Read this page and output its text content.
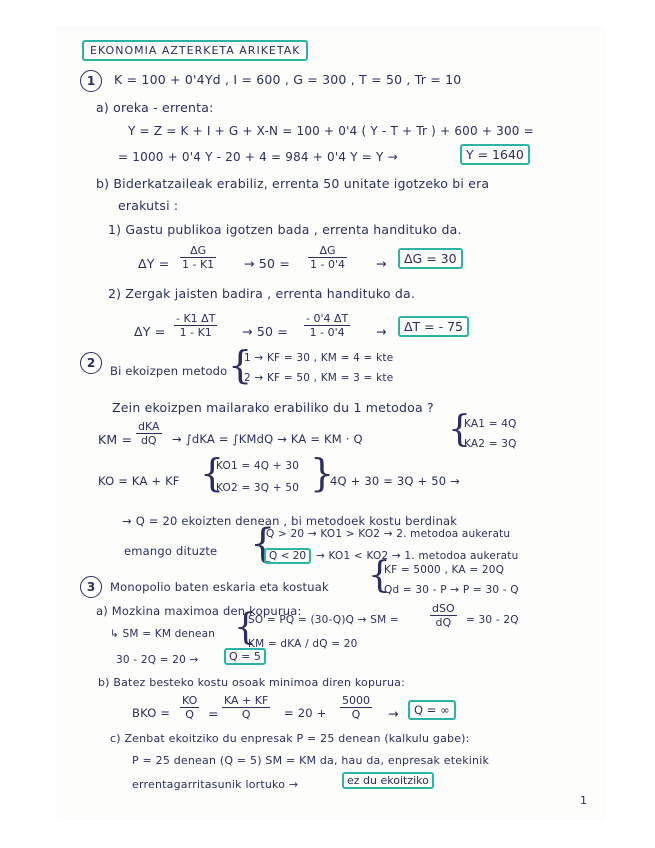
EKONOMIA AZTERKETA ARIKETAK
1	K = 100 + 0'4Yd , I = 600 , G = 300 , T = 50 , Tr = 10
a) oreka - errenta:
Y = Z = K + I + G + X-N = 100 + 0'4 ( Y - T + Tr ) + 600 + 300 =
= 1000 + 0'4 Y - 20 + 4 = 984 + 0'4 Y = Y →	Y = 1640
b) Biderkatzaileak erabiliz, errenta 50 unitate igotzeko bi era
erakutsi :
1) Gastu publikoa igotzen bada , errenta handituko da.
$\Delta Y = \frac{\Delta G}{1 - K1} \to 50 = \frac{\Delta G}{1 - 0'4}$ →	ΔG = 30
2) Zergak jaisten badira , errenta handituko da.
$\Delta Y = \frac{- K1 \Delta T}{1 - K1} \to 50 = \frac{- 0'4 \Delta T}{1 - 0'4}$ →	ΔT = - 75
2
Bi ekoizpen metodo {
1 → KF = 30 , KM = 4 = kte
2 → KF = 50 , KM = 3 = kte
Zein ekoizpen mailarako erabiliko du 1 metodoa ?
KM =
dKA
dQ	→ ∫dKA = ∫KMdQ → KA = KM · Q {
KA1 = 4Q
KA2 = 3Q
KO = KA + KF {
KO1 = 4Q + 30
KO2 = 3Q + 50 }
4Q + 30 = 3Q + 50 →
→ Q = 20 ekoizten denean , bi metodoek kostu berdinak
emango dituzte {
Q > 20 → KO1 > KO2 → 2. metodoa aukeratu
Q < 20 → KO1 < KO2 → 1. metodoa aukeratu
3	Monopolio baten eskaria eta kostuak {
KF = 5000 , KA = 20Q
Qd = 30 - P → P = 30 - Q
a) Mozkina maximoa den kopurua:
↳ SM = KM denean {
SO = PQ = (30-Q)Q → SM =
dSO
dQ	= 30 - 2Q
KM = dKA / dQ = 20
30 - 2Q = 20 →	Q = 5
b) Batez besteko kostu osoak minimoa diren kopurua:
BKO = $\frac{KO}{Q} = \frac{KA + KF}{Q} = 20 + \frac{5000}{Q}$ →	Q = ∞
c) Zenbat ekoitziko du enpresak P = 25 denean (kalkulu gabe):
P = 25 denean (Q = 5) SM = KM da, hau da, enpresak etekinik
errentagarritasunik lortuko →	ez du ekoitziko
1
